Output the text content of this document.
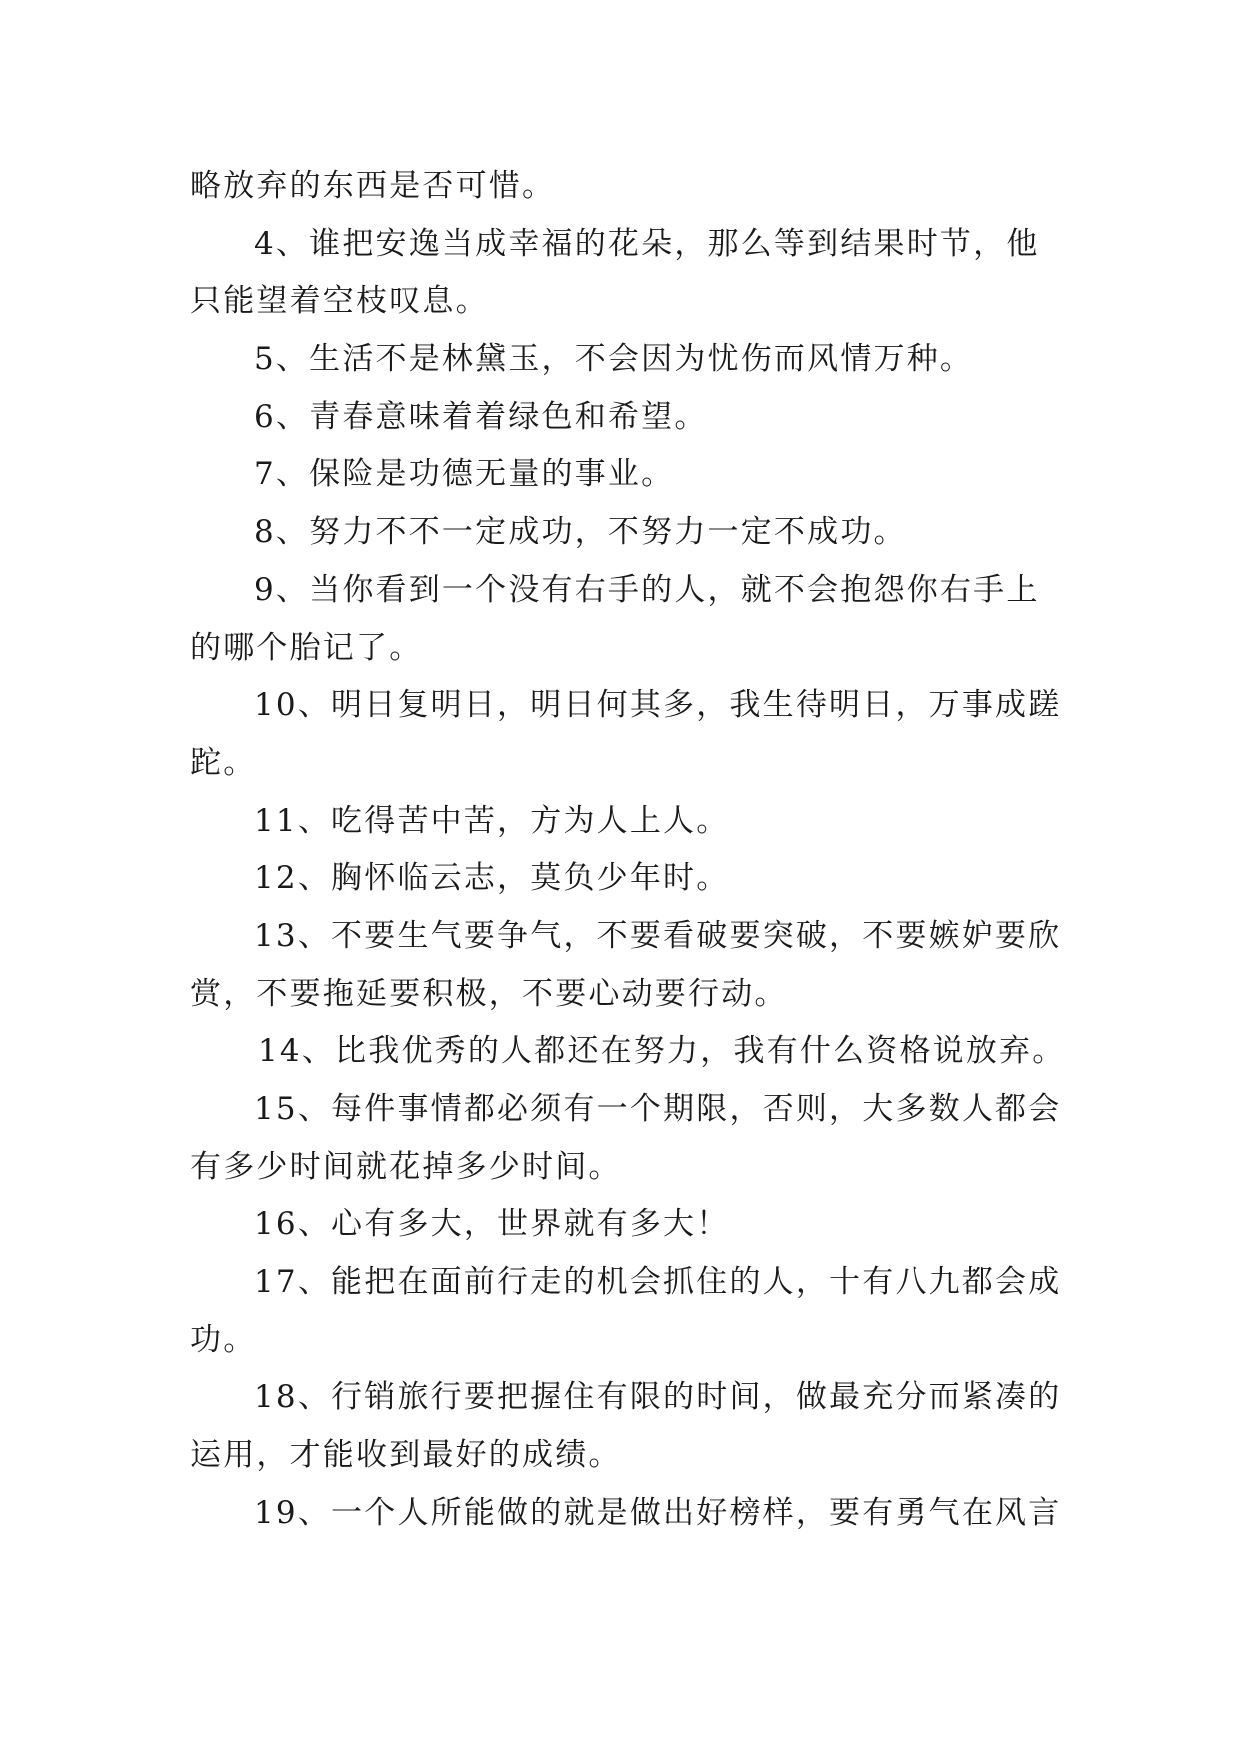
略放弃的东西是否可惜。
4、谁把安逸当成幸福的花朵，那么等到结果时节，他
只能望着空枝叹息。
5、生活不是林黛玉，不会因为忧伤而风情万种。
6、青春意味着着绿色和希望。
7、保险是功德无量的事业。
8、努力不不一定成功，不努力一定不成功。
9、当你看到一个没有右手的人，就不会抱怨你右手上
的哪个胎记了。
10、明日复明日，明日何其多，我生待明日，万事成蹉
跎。
11、吃得苦中苦，方为人上人。
12、胸怀临云志，莫负少年时。
13、不要生气要争气，不要看破要突破，不要嫉妒要欣
赏，不要拖延要积极，不要心动要行动。
14、比我优秀的人都还在努力，我有什么资格说放弃。
15、每件事情都必须有一个期限，否则，大多数人都会
有多少时间就花掉多少时间。
16、心有多大，世界就有多大！
17、能把在面前行走的机会抓住的人，十有八九都会成
功。
18、行销旅行要把握住有限的时间，做最充分而紧凑的
运用，才能收到最好的成绩。
19、一个人所能做的就是做出好榜样，要有勇气在风言
